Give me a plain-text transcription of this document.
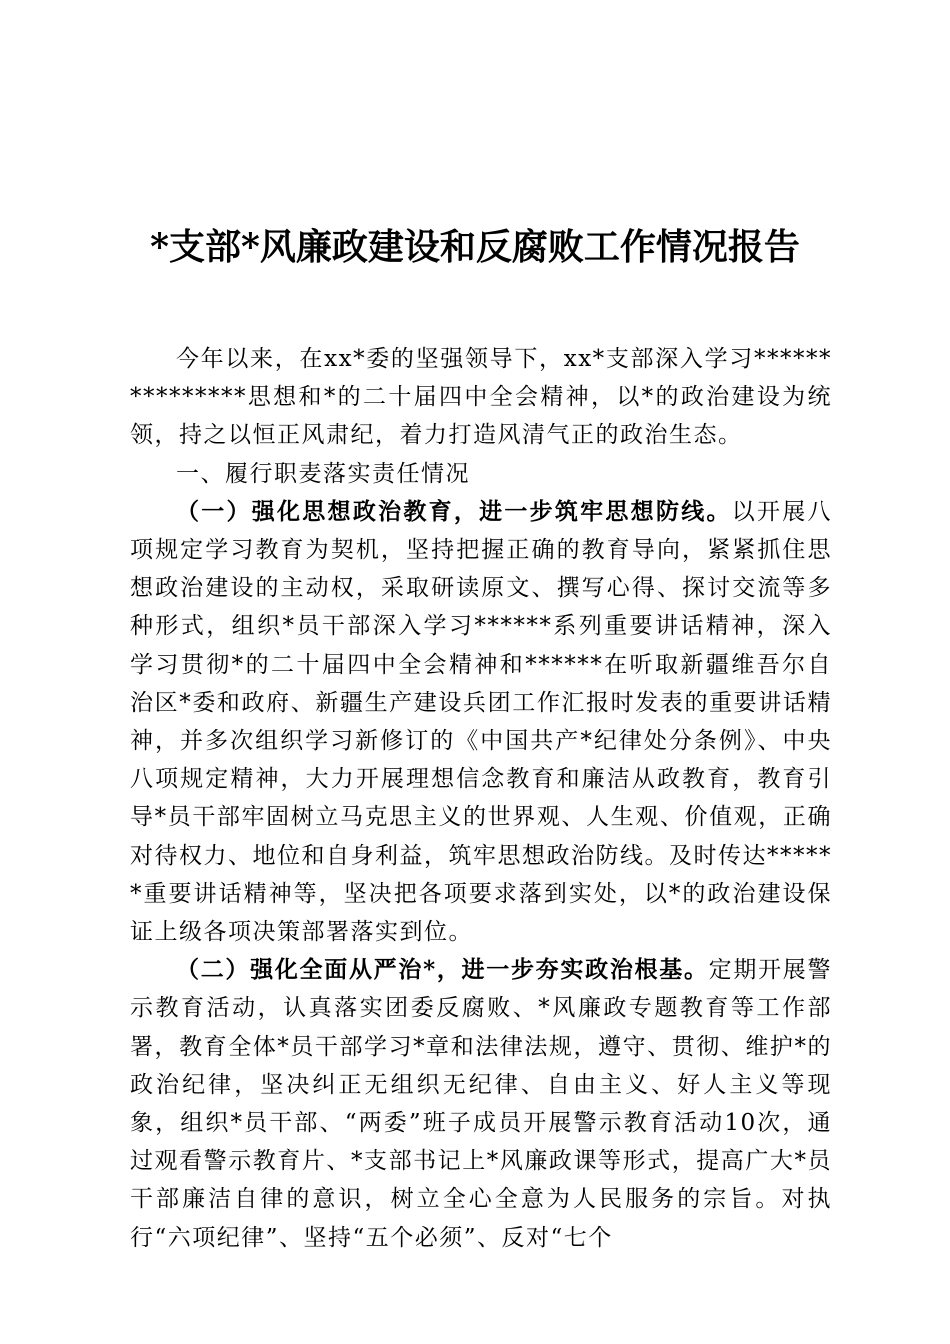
*支部*风廉政建设和反腐败工作情况报告

今年以来，在xx*委的坚强领导下，xx*支部深入学习***************思想和*的二十届四中全会精神，以*的政治建设为统领，持之以恒正风肃纪，着力打造风清气正的政治生态。

一、履行职麦落实责任情况

（一）强化思想政治教育，进一步筑牢思想防线。以开展八项规定学习教育为契机，坚持把握正确的教育导向，紧紧抓住思想政治建设的主动权，采取研读原文、撰写心得、探讨交流等多种形式，组织*员干部深入学习******系列重要讲话精神，深入学习贯彻*的二十届四中全会精神和******在听取新疆维吾尔自治区*委和政府、新疆生产建设兵团工作汇报时发表的重要讲话精神，并多次组织学习新修订的《中国共产*纪律处分条例》、中央八项规定精神，大力开展理想信念教育和廉洁从政教育，教育引导*员干部牢固树立马克思主义的世界观、人生观、价值观，正确对待权力、地位和自身利益，筑牢思想政治防线。及时传达******重要讲话精神等，坚决把各项要求落到实处，以*的政治建设保证上级各项决策部署落实到位。

（二）强化全面从严治*，进一步夯实政治根基。定期开展警示教育活动，认真落实团委反腐败、*风廉政专题教育等工作部署，教育全体*员干部学习*章和法律法规，遵守、贯彻、维护*的政治纪律，坚决纠正无组织无纪律、自由主义、好人主义等现象，组织*员干部、“两委”班子成员开展警示教育活动10次，通过观看警示教育片、*支部书记上*风廉政课等形式，提高广大*员干部廉洁自律的意识，树立全心全意为人民服务的宗旨。对执行“六项纪律”、坚持“五个必须”、反对“七个
